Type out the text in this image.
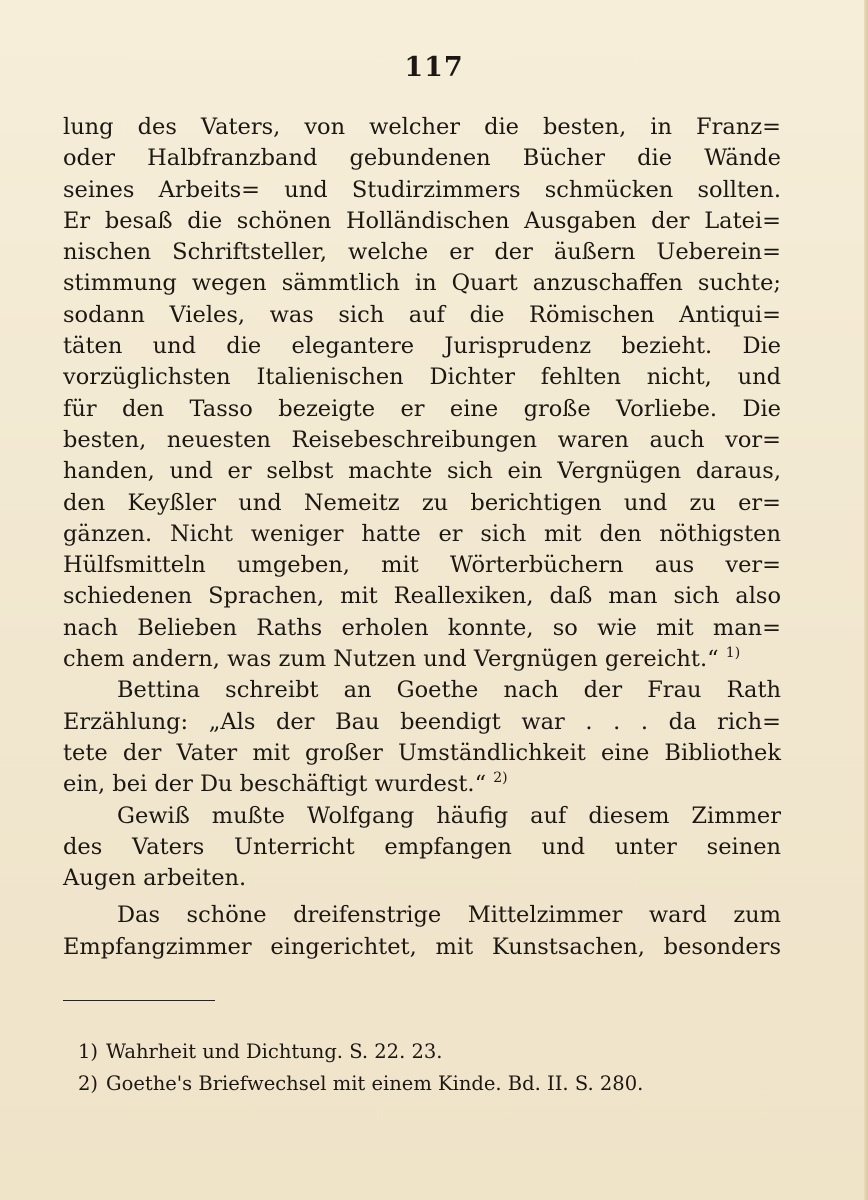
117
lung des Vaters, von welcher die besten, in Franz=
oder Halbfranzband gebundenen Bücher die Wände
seines Arbeits= und Studirzimmers schmücken sollten.
Er besaß die schönen Holländischen Ausgaben der Latei=
nischen Schriftsteller, welche er der äußern Ueberein=
stimmung wegen sämmtlich in Quart anzuschaffen suchte;
sodann Vieles, was sich auf die Römischen Antiqui=
täten und die elegantere Jurisprudenz bezieht. Die
vorzüglichsten Italienischen Dichter fehlten nicht, und
für den Tasso bezeigte er eine große Vorliebe. Die
besten, neuesten Reisebeschreibungen waren auch vor=
handen, und er selbst machte sich ein Vergnügen daraus,
den Keyßler und Nemeitz zu berichtigen und zu er=
gänzen. Nicht weniger hatte er sich mit den nöthigsten
Hülfsmitteln umgeben, mit Wörterbüchern aus ver=
schiedenen Sprachen, mit Reallexiken, daß man sich also
nach Belieben Raths erholen konnte, so wie mit man=
chem andern, was zum Nutzen und Vergnügen gereicht.“ $^{1)}$
Bettina schreibt an Goethe nach der Frau Rath
Erzählung: „Als der Bau beendigt war . . . da rich=
tete der Vater mit großer Umständlichkeit eine Bibliothek
ein, bei der Du beschäftigt wurdest.“ $^{2)}$
Gewiß mußte Wolfgang häufig auf diesem Zimmer
des Vaters Unterricht empfangen und unter seinen
Augen arbeiten.
Das schöne dreifenstrige Mittelzimmer ward zum
Empfangzimmer eingerichtet, mit Kunstsachen, besonders
1) Wahrheit und Dichtung. S. 22. 23.
2) Goethe's Briefwechsel mit einem Kinde. Bd. II. S. 280.
